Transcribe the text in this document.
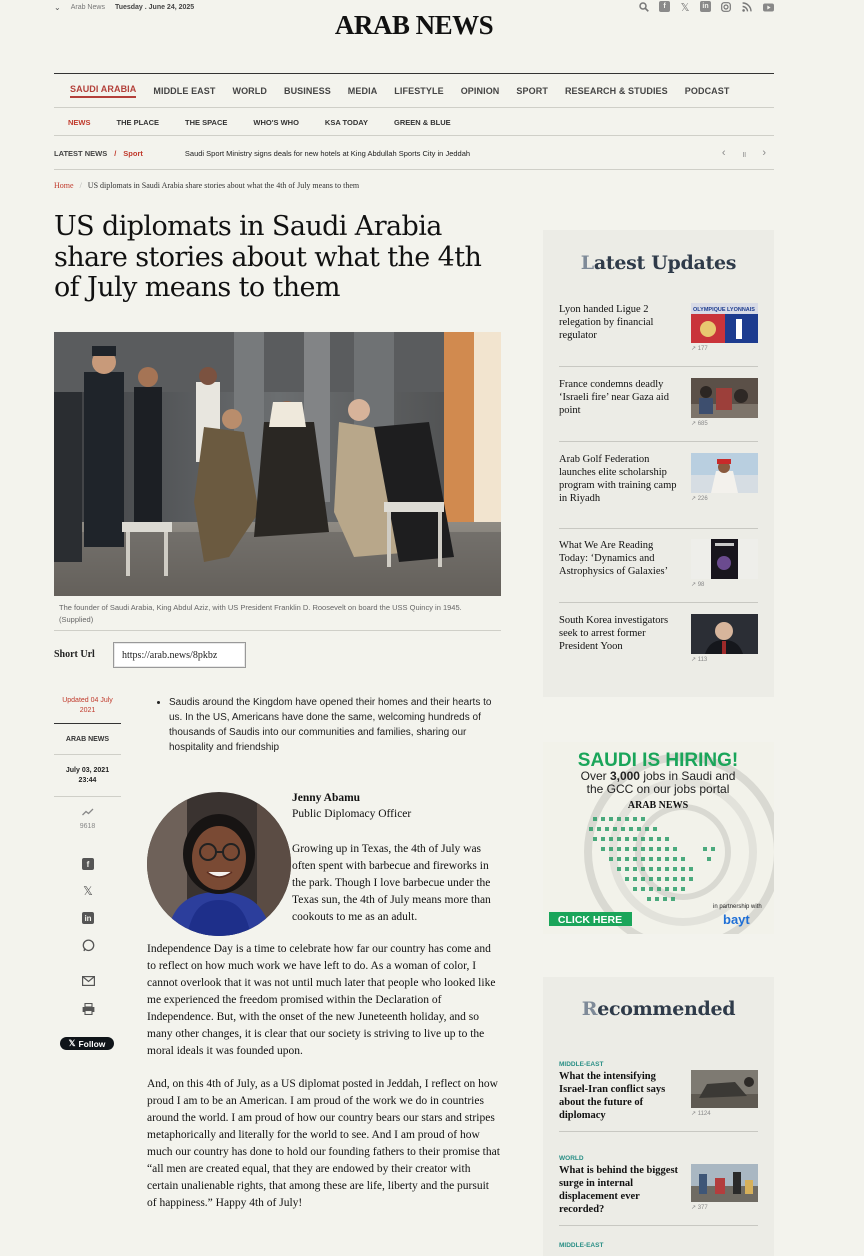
⌄ Arab News Tuesday . June 24, 2025
ARAB NEWS
f	𝕏	in
SAUDI ARABIA	MIDDLE EAST	WORLD	BUSINESS	MEDIA	LIFESTYLE	OPINION	SPORT	RESEARCH & STUDIES	PODCAST
NEWS	THE PLACE	THE SPACE	WHO'S WHO	KSA TODAY	GREEN & BLUE
LATEST NEWS / Sport	Saudi Sport Ministry signs deals for new hotels at King Abdullah Sports City in Jeddah	‹ ॥ ›
Home / US diplomats in Saudi Arabia share stories about what the 4th of July means to them
US diplomats in Saudi Arabia share stories about what the 4th of July means to them
The founder of Saudi Arabia, King Abdul Aziz, with US President Franklin D. Roosevelt on board the USS Quincy in 1945. (Supplied)
Short Url	https://arab.news/8pkbz
Updated 04 July 2021
ARAB NEWS
July 03, 2021
23:44
9618
f
𝕏
in
𝕏 Follow
• Saudis around the Kingdom have opened their homes and their hearts to us. In the US, Americans have done the same, welcoming hundreds of thousands of Saudis into our communities and families, sharing our hospitality and friendship
Jenny Abamu
Public Diplomacy Officer

Growing up in Texas, the 4th of July was often spent with barbecue and fireworks in the park. Though I love barbecue under the Texas sun, the 4th of July means more than cookouts to me as an adult.

Independence Day is a time to celebrate how far our country has come and to reflect on how much work we have left to do. As a woman of color, I cannot overlook that it was not until much later that people who looked like me experienced the freedom promised within the Declaration of Independence. But, with the onset of the new Juneteenth holiday, and so many other changes, it is clear that our society is striving to live up to the moral ideals it was founded upon.

And, on this 4th of July, as a US diplomat posted in Jeddah, I reflect on how proud I am to be an American. I am proud of the work we do in countries around the world. I am proud of how our country bears our stars and stripes metaphorically and literally for the world to see. And I am proud of how much our country has done to hold our founding fathers to their promise that “all men are created equal, that they are endowed by their creator with certain unalienable rights, that among these are life, liberty and the pursuit of happiness.” Happy 4th of July!

Latest Updates
Lyon handed Ligue 2 relegation by financial regulator
OLYMPIQUE LYONNAIS
↗ 177
France condemns deadly ‘Israeli fire’ near Gaza aid point
↗ 685
Arab Golf Federation launches elite scholarship program with training camp in Riyadh	↗ 226
What We Are Reading Today: ‘Dynamics and Astrophysics of Galaxies’
↗ 98
South Korea investigators seek to arrest former President Yoon
↗ 113
SAUDI IS HIRING!
Over 3,000 jobs in Saudi and
the GCC on our jobs portal
ARAB NEWS
CLICK HERE
in partnership with
bayt
Recommended
MIDDLE-EAST
What the intensifying Israel-Iran conflict says about the future of diplomacy	↗ 1124
WORLD
What is behind the biggest surge in internal displacement ever recorded?	↗ 377
MIDDLE-EAST
